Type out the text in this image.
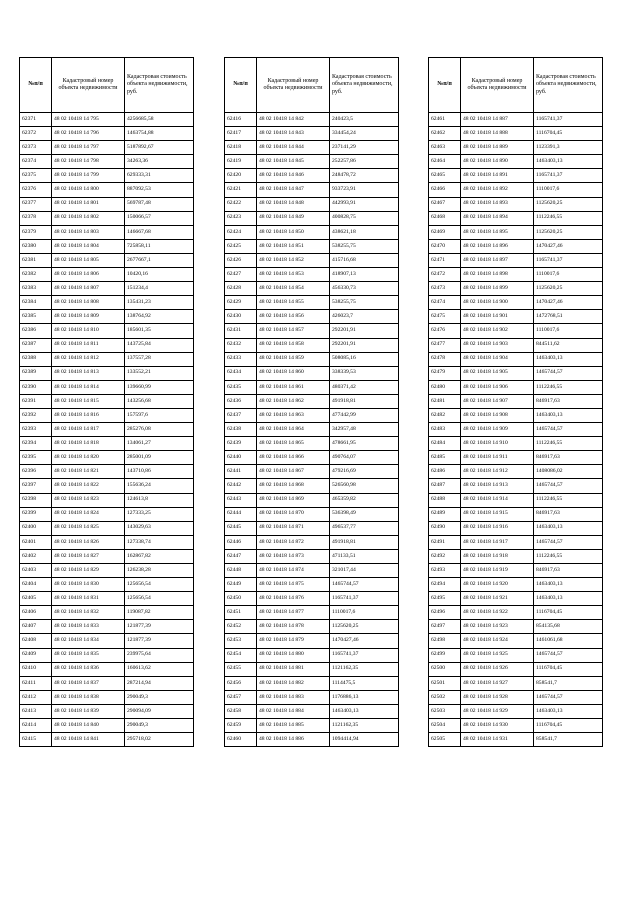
№п/п	Кадастровый номер объекта недвижимости	Кадастровая стоимость объекта недвижимости, руб.
62371	48 02 10418 14 795	4256685,58
62372	48 02 10418 14 796	1463754,88
62373	48 02 10418 14 797	5187892,67
62374	48 02 10418 14 798	34263,36
62375	48 02 10418 14 799	629333,31
62376	48 02 10418 14 800	887092,53
62377	48 02 10418 14 801	569787,48
62378	48 02 10418 14 802	150066,57
62379	48 02 10418 14 803	146667,68
62380	48 02 10418 14 804	725858,11
62381	48 02 10418 14 805	2677667,1
62382	48 02 10418 14 806	10420,16
62383	48 02 10418 14 807	151234,4
62384	48 02 10418 14 808	135431,23
62385	48 02 10418 14 809	138764,92
62386	48 02 10418 14 810	185601,35
62387	48 02 10418 14 811	143725,84
62388	48 02 10418 14 812	137557,28
62389	48 02 10418 14 813	133552,21
62390	48 02 10418 14 814	139660,99
62391	48 02 10418 14 815	143256,68
62392	48 02 10418 14 816	157597,6
62393	48 02 10418 14 817	285276,08
62394	48 02 10418 14 818	134061,27
62395	48 02 10418 14 820	285001,09
62396	48 02 10418 14 821	143710,86
62397	48 02 10418 14 822	155636,24
62398	48 02 10418 14 823	124613,8
62399	48 02 10418 14 824	127333,25
62400	48 02 10418 14 825	143029,63
62401	48 02 10418 14 826	127338,74
62402	48 02 10418 14 827	162867,82
62403	48 02 10418 14 829	126238,28
62404	48 02 10418 14 830	125656,54
62405	48 02 10418 14 831	125656,54
62406	48 02 10418 14 832	119087,82
62407	48 02 10418 14 833	121877,39
62408	48 02 10418 14 834	121877,39
62409	48 02 10418 14 835	239975,64
62410	48 02 10418 14 836	160613,62
62411	48 02 10418 14 837	287214,94
62412	48 02 10418 14 838	290049,3
62413	48 02 10418 14 839	290094,09
62414	48 02 10418 14 840	290049,3
62415	48 02 10418 14 841	295718,02
№п/п	Кадастровый номер объекта недвижимости	Кадастровая стоимость объекта недвижимости, руб.
62416	48 02 10418 14 842	240423,5
62417	48 02 10418 14 843	334454,24
62418	48 02 10418 14 844	237141,29
62419	48 02 10418 14 845	252257,86
62420	48 02 10418 14 846	248478,72
62421	48 02 10418 14 847	933723,91
62422	48 02 10418 14 848	442993,91
62423	48 02 10418 14 849	400828,75
62424	48 02 10418 14 850	438621,18
62425	48 02 10418 14 851	538255,75
62426	48 02 10418 14 852	415716,68
62427	48 02 10418 14 853	418907,13
62428	48 02 10418 14 854	456330,73
62429	48 02 10418 14 855	538255,75
62430	48 02 10418 14 856	426023,7
62431	48 02 10418 14 857	292201,91
62432	48 02 10418 14 858	292201,91
62433	48 02 10418 14 859	508085,16
62434	48 02 10418 14 860	338339,53
62435	48 02 10418 14 861	480371,42
62436	48 02 10418 14 862	491918,81
62437	48 02 10418 14 863	477442,99
62438	48 02 10418 14 864	342957,48
62439	48 02 10418 14 865	478661,95
62440	48 02 10418 14 866	490764,07
62441	48 02 10418 14 867	479216,69
62442	48 02 10418 14 868	526560,98
62443	48 02 10418 14 869	465359,82
62444	48 02 10418 14 870	536398,49
62445	48 02 10418 14 871	496537,77
62446	48 02 10418 14 872	491918,81
62447	48 02 10418 14 873	471133,51
62448	48 02 10418 14 874	321017,44
62449	48 02 10418 14 875	1465744,57
62450	48 02 10418 14 876	1165741,37
62451	48 02 10418 14 877	1110017,6
62452	48 02 10418 14 878	1125620,25
62453	48 02 10418 14 879	1470427,46
62454	48 02 10418 14 880	1165741,37
62455	48 02 10418 14 881	1121162,35
62456	48 02 10418 14 882	1114475,5
62457	48 02 10418 14 883	1176886,13
62458	48 02 10418 14 884	1463403,13
62459	48 02 10418 14 885	1121162,35
62460	48 02 10418 14 886	1094414,94
№п/п	Кадастровый номер объекта недвижимости	Кадастровая стоимость объекта недвижимости, руб.
62461	48 02 10418 14 887	1165741,37
62462	48 02 10418 14 888	1116704,45
62463	48 02 10418 14 889	1123391,3
62464	48 02 10418 14 890	1463403,13
62465	48 02 10418 14 891	1165741,37
62466	48 02 10418 14 892	1110017,6
62467	48 02 10418 14 893	1125620,25
62468	48 02 10418 14 894	1112246,55
62469	48 02 10418 14 895	1125620,25
62470	48 02 10418 14 896	1470427,46
62471	48 02 10418 14 897	1165741,37
62472	48 02 10418 14 898	1110017,6
62473	48 02 10418 14 899	1125620,25
62474	48 02 10418 14 900	1470427,46
62475	48 02 10418 14 901	1472768,51
62476	48 02 10418 14 902	1110017,6
62477	48 02 10418 14 903	844511,62
62478	48 02 10418 14 904	1463403,13
62479	48 02 10418 14 905	1465744,57
62480	48 02 10418 14 906	1112246,55
62481	48 02 10418 14 907	846917,63
62482	48 02 10418 14 908	1463403,13
62483	48 02 10418 14 909	1465744,57
62484	48 02 10418 14 910	1112246,55
62485	48 02 10418 14 911	846917,63
62486	48 02 10418 14 912	1408086,02
62487	48 02 10418 14 913	1465744,57
62488	48 02 10418 14 914	1112246,55
62489	48 02 10418 14 915	846917,63
62490	48 02 10418 14 916	1463403,13
62491	48 02 10418 14 917	1465744,57
62492	48 02 10418 14 918	1112246,55
62493	48 02 10418 14 919	846917,63
62494	48 02 10418 14 920	1463403,13
62495	48 02 10418 14 921	1463403,13
62496	48 02 10418 14 922	1116704,45
62497	48 02 10418 14 923	854135,68
62498	48 02 10418 14 924	1461061,68
62499	48 02 10418 14 925	1465744,57
62500	48 02 10418 14 926	1116704,45
62501	48 02 10418 14 927	858541,7
62502	48 02 10418 14 928	1465744,57
62503	48 02 10418 14 929	1463403,13
62504	48 02 10418 14 930	1116704,45
62505	48 02 10418 14 931	858541,7
